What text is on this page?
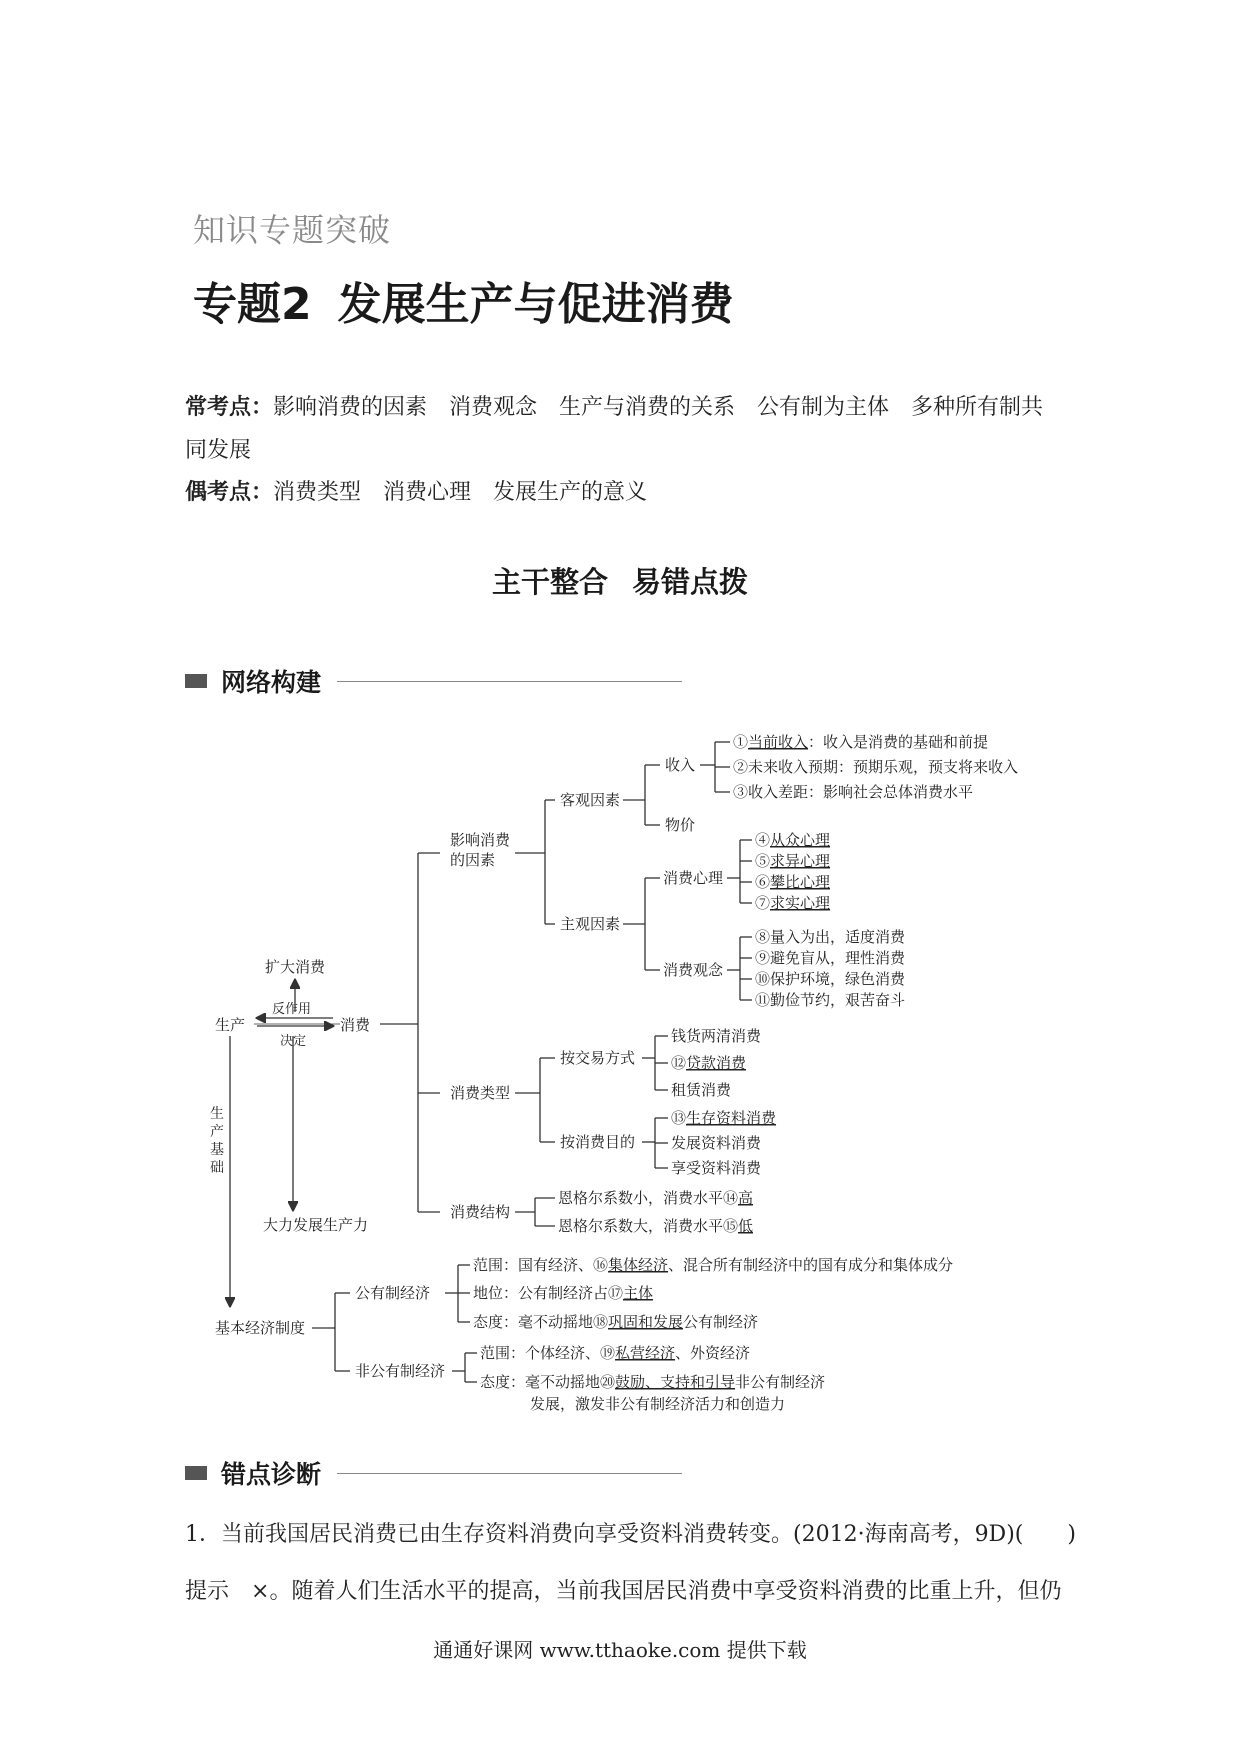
知识专题突破
专题2 发展生产与促进消费
常考点：影响消费的因素　消费观念　生产与消费的关系　公有制为主体　多种所有制共同发展
偶考点：消费类型　消费心理　发展生产的意义
主干整合 易错点拨
网络构建
生产	消费
反作用
决定
扩大消费
大力发展生产力
生
产
基
础
影响消费
的因素
客观因素
收入
①当前收入：收入是消费的基础和前提
②未来收入预期：预期乐观，预支将来收入
③收入差距：影响社会总体消费水平
物价
主观因素
消费心理
④从众心理
⑤求异心理
⑥攀比心理
⑦求实心理
消费观念
⑧量入为出，适度消费
⑨避免盲从，理性消费
⑩保护环境，绿色消费
⑪勤俭节约，艰苦奋斗
消费类型
按交易方式
钱货两清消费
⑫贷款消费
租赁消费
按消费目的
⑬生存资料消费
发展资料消费
享受资料消费
消费结构
恩格尔系数小，消费水平⑭高
恩格尔系数大，消费水平⑮低
基本经济制度
公有制经济
范围：国有经济、⑯集体经济、混合所有制经济中的国有成分和集体成分
地位：公有制经济占⑰主体
态度：毫不动摇地⑱巩固和发展公有制经济
非公有制经济
范围：个体经济、⑲私营经济、外资经济
态度：毫不动摇地⑳鼓励、支持和引导非公有制经济
发展，激发非公有制经济活力和创造力
错点诊断
1．当前我国居民消费已由生存资料消费向享受资料消费转变。(2012·海南高考，9D)(　　)
提示　 ×。随着人们生活水平的提高，当前我国居民消费中享受资料消费的比重上升，但仍
通通好课网 www.tthaoke.com 提供下载
